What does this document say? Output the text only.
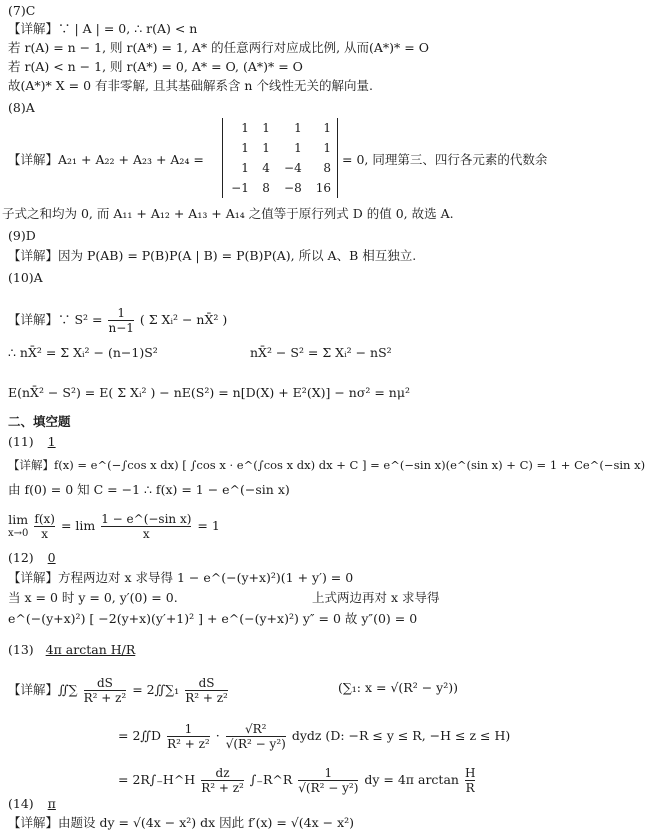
(7)C
【详解】∵ | A | = 0, ∴ r(A) < n
若 r(A) = n − 1, 则 r(A*) = 1, A* 的任意两行对应成比例, 从而(A*)* = O
若 r(A) < n − 1, 则 r(A*) = 0, A* = O, (A*)* = O
故(A*)* X = 0 有非零解, 且其基础解系含 n 个线性无关的解向量.
(8)A
【详解】A₂₁ + A₂₂ + A₂₃ + A₂₄ =
1	1	1	1
1	1	1	1
1	4	−4	8
−1	8	−8	16
= 0, 同理第三、四行各元素的代数余
子式之和均为 0, 而 A₁₁ + A₁₂ + A₁₃ + A₁₄ 之值等于原行列式 D 的值 0, 故选 A.
(9)D
【详解】因为 P(AB) = P(B)P(A | B) = P(B)P(A), 所以 A、B 相互独立.
(10)A
【详解】∵ $S^2 = \frac{1}{n-1}$ ( Σ Xᵢ² − nX̄² )
∴ nX̄² = Σ Xᵢ² − (n−1)S²	nX̄² − S² = Σ Xᵢ² − nS²
E(nX̄² − S²) = E( Σ Xᵢ² ) − nE(S²) = n[D(X) + E²(X)] − nσ² = nμ²
二、填空题
(11) 1
【详解】f(x) = e^(−∫cos x dx) [ ∫cos x · e^(∫cos x dx) dx + C ] = e^(−sin x)(e^(sin x) + C) = 1 + Ce^(−sin x)
由 f(0) = 0 知 C = −1 ∴ f(x) = 1 − e^(−sin x)
lim
$x\to 0 \frac{f(x)}{x} = \lim \frac{\text{1 − e\textasciicircum{}(−sin x)}}{x} = 1$
(12) 0
【详解】方程两边对 x 求导得 1 − e^(−(y+x)²)(1 + y′) = 0
当 x = 0 时 y = 0, y′(0) = 0.	上式两边再对 x 求导得
e^(−(y+x)²) [ −2(y+x)(y′+1)² ] + e^(−(y+x)²) y″ = 0 故 y″(0) = 0
(13) 4π arctan H/R
【详解】∬∑ $\frac{dS}{\text{R² + z²}}$ = 2∬∑₁ $\frac{dS}{\text{R² + z²}}$	(∑₁: x = √(R² − y²))
= 2∬D $\frac{1}{\text{R² + z²}} \cdot \frac{\text{√R²}}{\text{√(R² − y²)}}$ dydz (D: −R ≤ y ≤ R, −H ≤ z ≤ H)
= 2R∫₋H^H $\frac{dz}{\text{R² + z²}}$ ∫₋R^R $\frac{1}{\text{√(R² − y²)}}$ dy = 4π $\arctan \frac{H}{R}$
(14) π
【详解】由题设 dy = √(4x − x²) dx 因此 f′(x) = √(4x − x²)
